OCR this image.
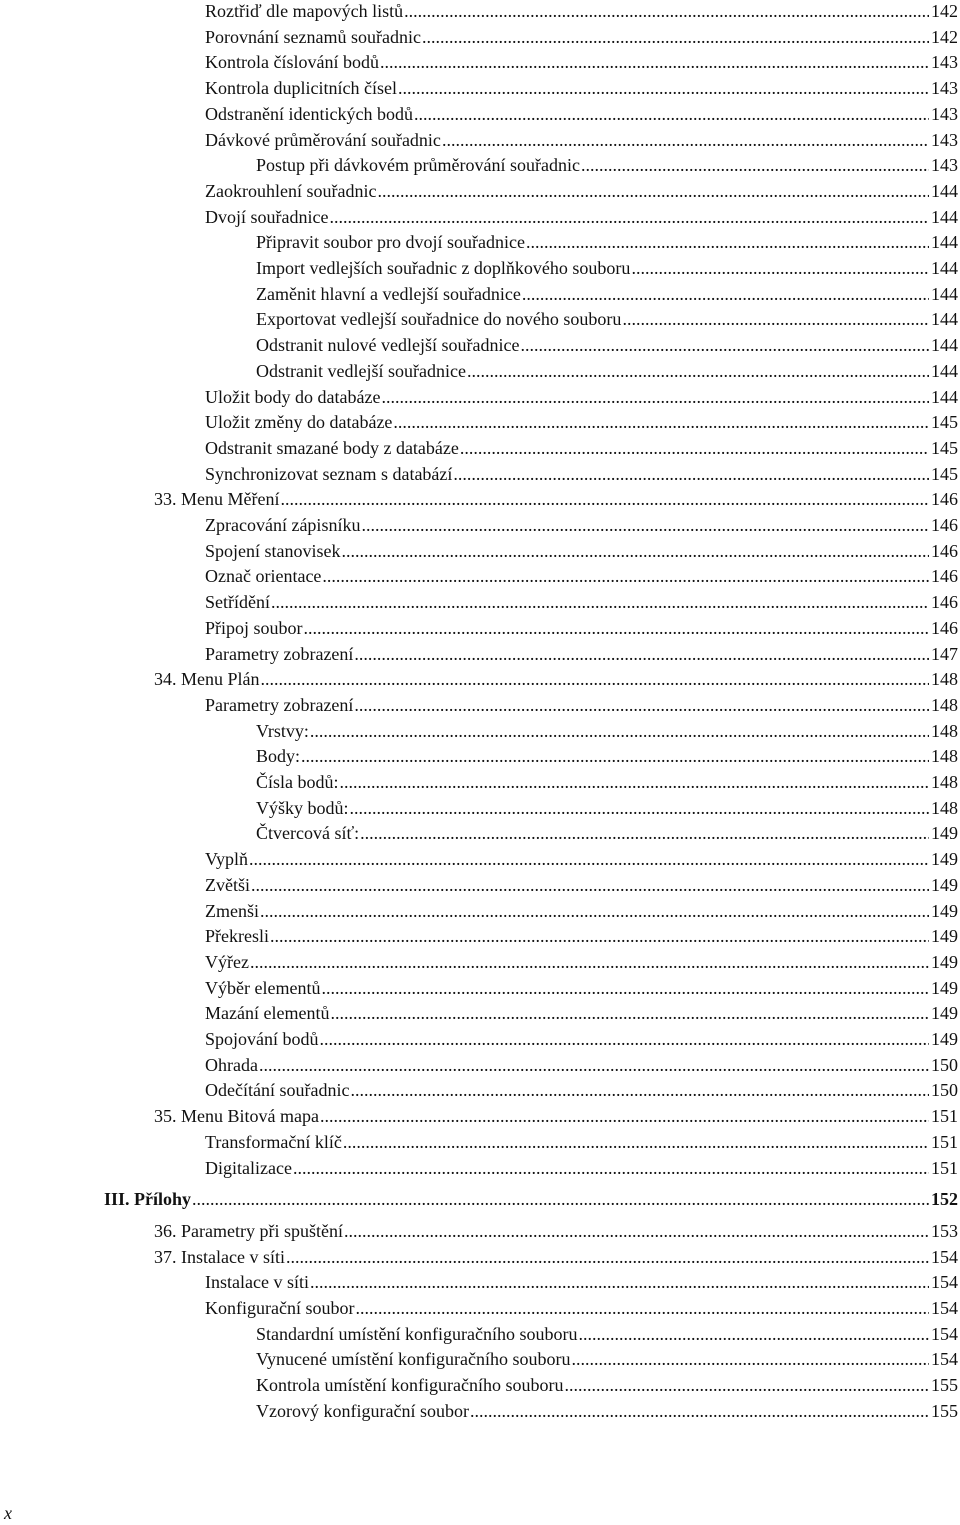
Roztřiď dle mapových listů .....	142
Porovnání seznamů souřadnic .....	142
Kontrola číslování bodů .....	143
Kontrola duplicitních čísel .....	143
Odstranění identických bodů .....	143
Dávkové průměrování souřadnic .....	143
Postup při dávkovém průměrování souřadnic .....	143
Zaokrouhlení souřadnic .....	144
Dvojí souřadnice .....	144
Připravit soubor pro dvojí souřadnice .....	144
Import vedlejších souřadnic z doplňkového souboru .....	144
Zaměnit hlavní a vedlejší souřadnice .....	144
Exportovat vedlejší souřadnice do nového souboru .....	144
Odstranit nulové vedlejší souřadnice .....	144
Odstranit vedlejší souřadnice .....	144
Uložit body do databáze .....	144
Uložit změny do databáze .....	145
Odstranit smazané body z databáze .....	145
Synchronizovat seznam s databází .....	145
33. Menu Měření .....	146
Zpracování zápisníku .....	146
Spojení stanovisek .....	146
Označ orientace .....	146
Setřídění .....	146
Připoj soubor .....	146
Parametry zobrazení .....	147
34. Menu Plán .....	148
Parametry zobrazení .....	148
Vrstvy: .....	148
Body: .....	148
Čísla bodů: .....	148
Výšky bodů: .....	148
Čtvercová síť: .....	149
Vyplň .....	149
Zvětši .....	149
Zmenši .....	149
Překresli .....	149
Výřez .....	149
Výběr elementů .....	149
Mazání elementů .....	149
Spojování bodů .....	149
Ohrada .....	150
Odečítání souřadnic .....	150
35. Menu Bitová mapa .....	151
Transformační klíč .....	151
Digitalizace .....	151
III. Přílohy .....	152
36. Parametry při spuštění .....	153
37. Instalace v síti .....	154
Instalace v síti .....	154
Konfigurační soubor .....	154
Standardní umístění konfiguračního souboru .....	154
Vynucené umístění konfiguračního souboru .....	154
Kontrola umístění konfiguračního souboru .....	155
Vzorový konfigurační soubor .....	155
x
